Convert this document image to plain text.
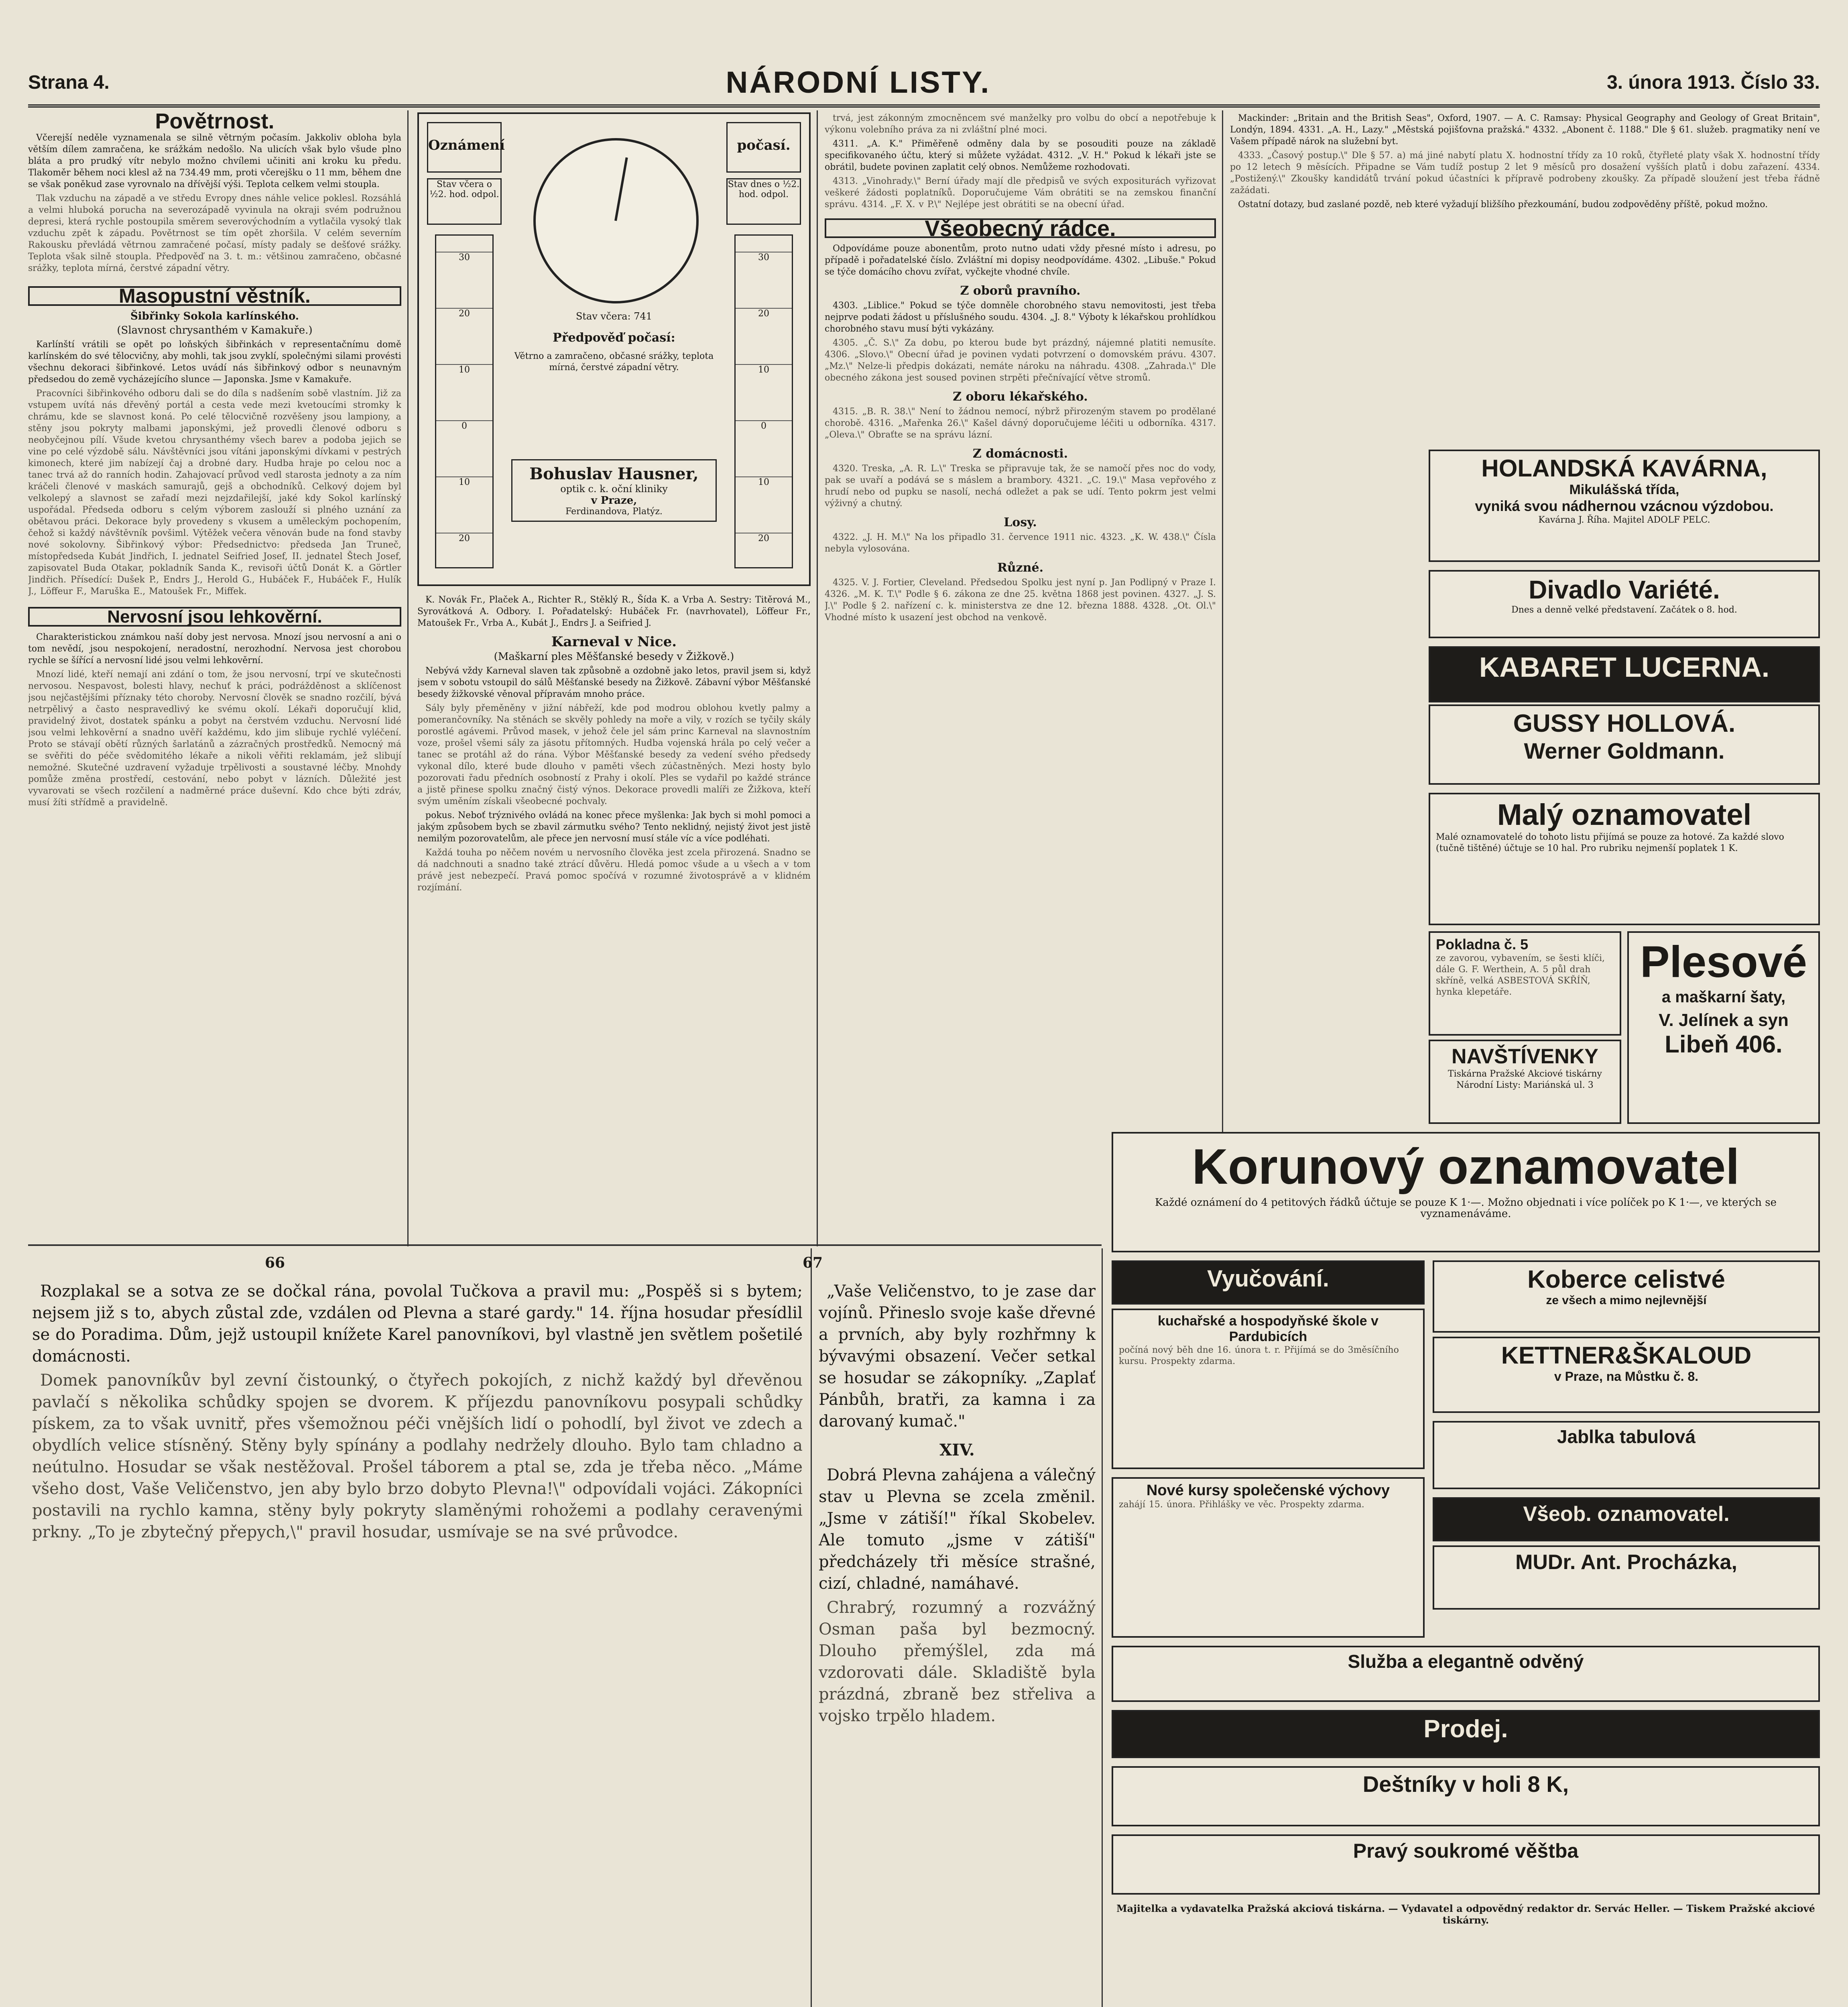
Strana 4.	NÁRODNÍ LISTY.	3. února 1913. Číslo 33.
Povětrnost.

Včerejší neděle vyznamenala se silně větrným počasím. Jakkoliv obloha byla větším dílem zamračena, ke srážkám nedošlo. Na ulicích však bylo všude plno bláta a pro prudký vítr nebylo možno chvílemi učiniti ani kroku ku předu. Tlakoměr během noci klesl až na 734.49 mm, proti včerejšku o 11 mm, během dne se však poněkud zase vyrovnalo na dřívější výši. Teplota celkem velmi stoupla.

Tlak vzduchu na západě a ve středu Evropy dnes náhle velice poklesl. Rozsáhlá a velmi hluboká porucha na severozápadě vyvinula na okraji svém podružnou depresi, která rychle postoupila směrem severovýchodním a vytlačila vysoký tlak vzduchu zpět k západu. Povětrnost se tím opět zhoršila. V celém severním Rakousku převládá větrnou zamračené počasí, místy padaly se dešťové srážky. Teplota však silně stoupla. Předpověď na 3. t. m.: většinou zamračeno, občasné srážky, teplota mírná, čerstvé západní větry.

Masopustní věstník.
Šibřinky Sokola karlínského.
(Slavnost chrysanthém v Kamakuře.)

Karlínští vrátili se opět po loňských šibřinkách v representačnímu domě karlínském do své tělocvičny, aby mohli, tak jsou zvyklí, společnými silami provésti všechnu dekoraci šibřinkové. Letos uvádí nás šibřinkový odbor s neunavným předsedou do země vycházejícího slunce — Japonska. Jsme v Kamakuře.

Pracovníci šibřinkového odboru dali se do díla s nadšením sobě vlastním. Již za vstupem uvítá nás dřevěný portál a cesta vede mezi kvetoucími stromky k chrámu, kde se slavnost koná. Po celé tělocvičně rozvěšeny jsou lampiony, a stěny jsou pokryty malbami japonskými, jež provedli členové odboru s neobyčejnou pílí. Všude kvetou chrysanthémy všech barev a podoba jejich se vine po celé výzdobě sálu. Návštěvníci jsou vítáni japonskými dívkami v pestrých kimonech, které jim nabízejí čaj a drobné dary. Hudba hraje po celou noc a tanec trvá až do ranních hodin. Zahajovací průvod vedl starosta jednoty a za ním kráčeli členové v maskách samurajů, gejš a obchodníků. Celkový dojem byl velkolepý a slavnost se zařadí mezi nejzdařilejší, jaké kdy Sokol karlínský uspořádal. Předseda odboru s celým výborem zaslouží si plného uznání za obětavou práci. Dekorace byly provedeny s vkusem a uměleckým pochopením, čehož si každý návštěvník povšiml. Výtěžek večera věnován bude na fond stavby nové sokolovny. Šibřinkový výbor: Předsednictvo: předseda Jan Truneč, místopředseda Kubát Jindřich, I. jednatel Seifried Josef, II. jednatel Štech Josef, zapisovatel Buda Otakar, pokladník Sanda K., revisoři účtů Donát K. a Görtler Jindřich. Přísedící: Dušek P., Endrs J., Herold G., Hubáček F., Hubáček F., Hulík J., Löffeur F., Maruška E., Matoušek Fr., Miffek.

Nervosní jsou lehkověrní.

Charakteristickou známkou naší doby jest nervosa. Mnozí jsou nervosní a ani o tom nevědí, jsou nespokojení, neradostní, nerozhodní. Nervosa jest chorobou rychle se šířící a nervosní lidé jsou velmi lehkověrní.

Mnozí lidé, kteří nemají ani zdání o tom, že jsou nervosní, trpí ve skutečnosti nervosou. Nespavost, bolesti hlavy, nechuť k práci, podrážděnost a sklíčenost jsou nejčastějšími příznaky této choroby. Nervosní člověk se snadno rozčilí, bývá netrpělivý a často nespravedlivý ke svému okolí. Lékaři doporučují klid, pravidelný život, dostatek spánku a pobyt na čerstvém vzduchu. Nervosní lidé jsou velmi lehkověrní a snadno uvěří každému, kdo jim slibuje rychlé vyléčení. Proto se stávají obětí různých šarlatánů a zázračných prostředků. Nemocný má se svěřiti do péče svědomitého lékaře a nikoli věřiti reklamám, jež slibují nemožné. Skutečné uzdravení vyžaduje trpělivosti a soustavné léčby. Mnohdy pomůže změna prostředí, cestování, nebo pobyt v lázních. Důležité jest vyvarovati se všech rozčilení a nadměrné práce duševní. Kdo chce býti zdráv, musí žíti střídmě a pravidelně.

Oznámení	počasí.
Stav včera o ½2. hod. odpol.
Stav dnes o ½2. hod. odpol.
30
20
10
0
10
20
30
20
10
0
10
20
Stav včera: 741
Předpověď počasí:
Větrno a zamračeno, občasné srážky, teplota mírná, čerstvé západní větry.
Bohuslav Hausner,
optik c. k. oční kliniky
v Praze,
Ferdinandova, Platýz.

K. Novák Fr., Plaček A., Richter R., Stěklý R., Šída K. a Vrba A. Sestry: Titěrová M., Syrovátková A. Odbory. I. Pořadatelský: Hubáček Fr. (navrhovatel), Löffeur Fr., Matoušek Fr., Vrba A., Kubát J., Endrs J. a Seifried J.

Karneval v Nice.
(Maškarní ples Měšťanské besedy v Žižkově.)

Nebývá vždy Karneval slaven tak způsobně a ozdobně jako letos, pravil jsem si, když jsem v sobotu vstoupil do sálů Měšťanské besedy na Žižkově. Zábavní výbor Měšťanské besedy žižkovské věnoval přípravám mnoho práce.

Sály byly přeměněny v jižní nábřeží, kde pod modrou oblohou kvetly palmy a pomerančovníky. Na stěnách se skvěly pohledy na moře a vily, v rozích se tyčily skály porostlé agávemi. Průvod masek, v jehož čele jel sám princ Karneval na slavnostním voze, prošel všemi sály za jásotu přítomných. Hudba vojenská hrála po celý večer a tanec se protáhl až do rána. Výbor Měšťanské besedy za vedení svého předsedy vykonal dílo, které bude dlouho v paměti všech zúčastněných. Mezi hosty bylo pozorovati řadu předních osobností z Prahy i okolí. Ples se vydařil po každé stránce a jistě přinese spolku značný čistý výnos. Dekorace provedli malíři ze Žižkova, kteří svým uměním získali všeobecné pochvaly.

pokus. Neboť trýznivého ovládá na konec přece myšlenka: Jak bych si mohl pomoci a jakým způsobem bych se zbavil zármutku svého? Tento neklidný, nejistý život jest jistě nemilým pozorovatelům, ale přece jen nervosní musí stále víc a více podléhati.

Každá touha po něčem novém u nervosního člověka jest zcela přirozená. Snadno se dá nadchnouti a snadno také ztrácí důvěru. Hledá pomoc všude a u všech a v tom právě jest nebezpečí. Pravá pomoc spočívá v rozumné životosprávě a v klidném rozjímání.

trvá, jest zákonným zmocněncem své manželky pro volbu do obcí a nepotřebuje k výkonu volebního práva za ni zvláštní plné moci.

4311. „A. K." Přiměřeně odměny dala by se posouditi pouze na základě specifikovaného účtu, který si můžete vyžádat. 4312. „V. H." Pokud k lékaři jste se obrátil, budete povinen zaplatit celý obnos. Nemůžeme rozhodovati.

4313. „Vinohrady.\" Berní úřady mají dle předpisů ve svých expositurách vyřizovat veškeré žádosti poplatníků. Doporučujeme Vám obrátiti se na zemskou finanční správu. 4314. „F. X. v P.\" Nejlépe jest obrátiti se na obecní úřad.

Všeobecný rádce.

Odpovídáme pouze abonentům, proto nutno udati vždy přesné místo i adresu, po případě i pořadatelské číslo. Zvláštní mi dopisy neodpovídáme. 4302. „Libuše." Pokud se týče domácího chovu zvířat, vyčkejte vhodné chvíle.

Z oborů pravního.

4303. „Liblice." Pokud se týče domněle chorobného stavu nemovitosti, jest třeba nejprve podati žádost u příslušného soudu. 4304. „J. 8." Výboty k lékařskou prohlídkou chorobného stavu musí býti vykázány.

4305. „Č. S.\" Za dobu, po kterou bude byt prázdný, nájemné platiti nemusíte. 4306. „Slovo.\" Obecní úřad je povinen vydati potvrzení o domovském právu. 4307. „Mz.\" Nelze-li předpis dokázati, nemáte nároku na náhradu. 4308. „Zahrada.\" Dle obecného zákona jest soused povinen strpěti přečnívající větve stromů.

Z oboru lékařského.

4315. „B. R. 38.\" Není to žádnou nemocí, nýbrž přirozeným stavem po prodělané chorobě. 4316. „Mařenka 26.\" Kašel dávný doporučujeme léčiti u odborníka. 4317. „Oleva.\" Obraťte se na správu lázní.

Z domácnosti.

4320. Treska, „A. R. L.\" Treska se připravuje tak, že se namočí přes noc do vody, pak se uvaří a podává se s máslem a brambory. 4321. „C. 19.\" Masa vepřového z hrudí nebo od pupku se nasolí, nechá odležet a pak se udí. Tento pokrm jest velmi výživný a chutný.

Losy.

4322. „J. H. M.\" Na los připadlo 31. července 1911 nic. 4323. „K. W. 438.\" Čísla nebyla vylosována.

Různé.

4325. V. J. Fortier, Cleveland. Předsedou Spolku jest nyní p. Jan Podlipný v Praze I. 4326. „M. K. T.\" Podle § 6. zákona ze dne 25. května 1868 jest povinen. 4327. „J. S. J.\" Podle § 2. nařízení c. k. ministerstva ze dne 12. března 1888. 4328. „Ot. Ol.\" Vhodné místo k usazení jest obchod na venkově.

Mackinder: „Britain and the British Seas", Oxford, 1907. — A. C. Ramsay: Physical Geography and Geology of Great Britain", Londýn, 1894. 4331. „A. H., Lazy." „Městská pojišťovna pražská." 4332. „Abonent č. 1188." Dle § 61. služeb. pragmatiky není ve Vašem případě nárok na služební byt.

4333. „Časový postup.\" Dle § 57. a) má jiné nabytí platu X. hodnostní třídy za 10 roků, čtyřleté platy však X. hodnostní třídy po 12 letech 9 měsících. Připadne se Vám tudíž postup 2 let 9 měsíců pro dosažení vyšších platů i dobu zařazení. 4334. „Postižený.\" Zkoušky kandidátů trvání pokud účastníci k přípravě podrobeny zkoušky. Za případě sloužení jest třeba řádně zažádati.

Ostatní dotazy, bud zaslané pozdě, neb které vyžadují bližšího přezkoumání, budou zodpověděny příště, pokud možno.

HOLANDSKÁ KAVÁRNA,
Mikulášská třída,
vyniká svou nádhernou vzácnou výzdobou.
Kavárna J. Říha. Majitel ADOLF PELC.
Divadlo Variété.
Dnes a denně velké představení. Začátek o 8. hod.
KABARET LUCERNA.
GUSSY HOLLOVÁ.
Werner Goldmann.
Malý oznamovatel
Malé oznamovatelé do tohoto listu přijímá se pouze za hotové. Za každé slovo (tučně tištěné) účtuje se 10 hal. Pro rubriku nejmenší poplatek 1 K.
Pokladna č. 5
ze zavorou, vybavením, se šesti klíči, dále G. F. Werthein, A. 5 půl drah skříně, velká ASBESTOVÁ SKŘÍŇ, hynka klepetáře.
Plesové
a maškarní šaty,
V. Jelínek a syn
Libeň 406.
NAVŠTÍVENKY
Tiskárna Pražské Akciové tiskárny Národní Listy: Mariánská ul. 3
Korunový oznamovatel
Každé oznámení do 4 petitových řádků účtuje se pouze K 1·—. Možno objednati i více políček po K 1·—, ve kterých se vyznamenáváme.
Vyučování.
kuchařské a hospodyňské škole v Pardubicích
počíná nový běh dne 16. února t. r. Přijímá se do 3měsíčního kursu. Prospekty zdarma.
Nové kursy společenské výchovy
zahájí 15. února. Přihlášky ve věc. Prospekty zdarma.
Koberce celistvé
ze všech a mimo nejlevnější
KETTNER&ŠKALOUD
v Praze, na Můstku č. 8.
Jablka tabulová
Všeob. oznamovatel.
MUDr. Ant. Procházka,
Služba a elegantně odvěný
Prodej.
Deštníky v holi 8 K,
Pravý soukromé věštba
Majitelka a vydavatelka Pražská akciová tiskárna. — Vydavatel a odpovědný redaktor dr. Servác Heller. — Tiskem Pražské akciové tiskárny.
66	67

Rozplakal se a sotva ze se dočkal rána, povolal Tučkova a pravil mu: „Pospěš si s bytem; nejsem již s to, abych zůstal zde, vzdálen od Plevna a staré gardy." 14. října hosudar přesídlil se do Poradima. Dům, jejž ustoupil knížete Karel panovníkovi, byl vlastně jen světlem pošetilé domácnosti.

Domek panovníkův byl zevní čistounký, o čtyřech pokojích, z nichž každý byl dřevěnou pavlačí s několika schůdky spojen se dvorem. K příjezdu panovníkovu posypali schůdky pískem, za to však uvnitř, přes všemožnou péči vnějších lidí o pohodlí, byl život ve zdech a obydlích velice stísněný. Stěny byly spínány a podlahy nedržely dlouho. Bylo tam chladno a neútulno. Hosudar se však nestěžoval. Prošel táborem a ptal se, zda je třeba něco. „Máme všeho dost, Vaše Veličenstvo, jen aby bylo brzo dobyto Plevna!\" odpovídali vojáci. Zákopníci postavili na rychlo kamna, stěny byly pokryty slaměnými rohožemi a podlahy ceravenými prkny. „To je zbytečný přepych,\" pravil hosudar, usmívaje se na své průvodce.

„Vaše Veličenstvo, to je zase dar vojínů. Přineslo svoje kaše dřevné a prvních, aby byly rozhřmny k bývavými obsazení. Večer setkal se hosudar se zákopníky. „Zaplať Pánbůh, bratři, za kamna i za darovaný kumač."

XIV.

Dobrá Plevna zahájena a válečný stav u Plevna se zcela změnil. „Jsme v zátiší!" říkal Skobelev. Ale tomuto „jsme v zátiší" předcházely tři měsíce strašné, cizí, chladné, namáhavé.

Chrabrý, rozumný a rozvážný Osman paša byl bezmocný. Dlouho přemýšlel, zda má vzdorovati dále. Skladiště byla prázdná, zbraně bez střeliva a vojsko trpělo hladem.
